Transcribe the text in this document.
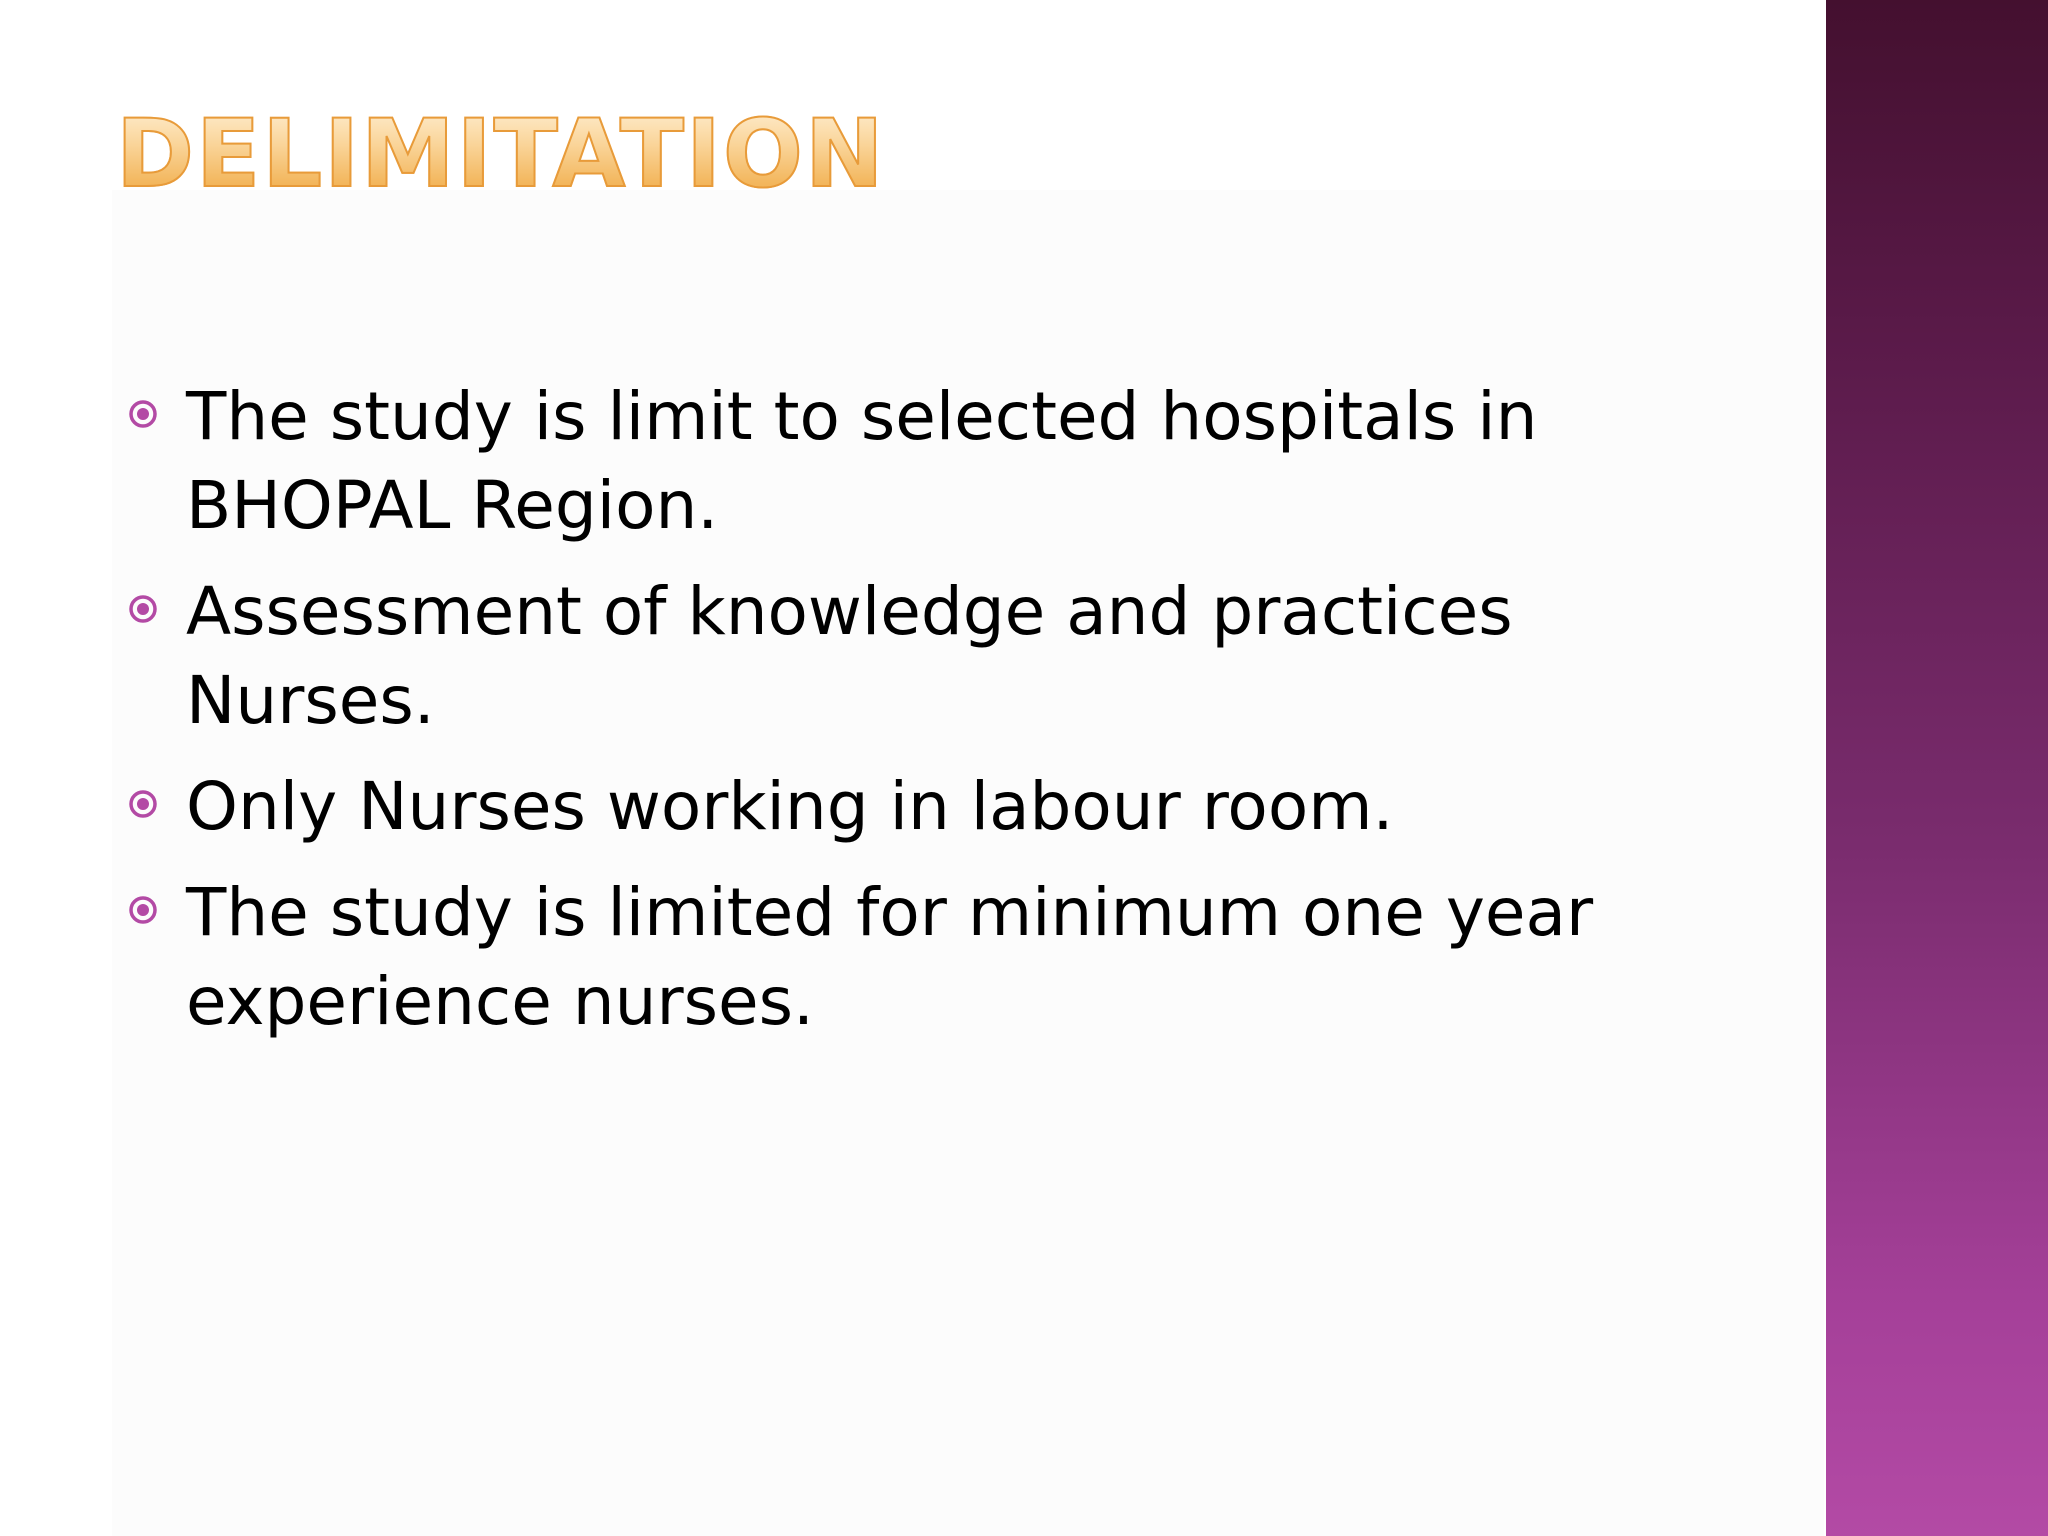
DELIMITATION
The study is limit to selected hospitals in BHOPAL Region.
Assessment of knowledge and practices Nurses.
Only Nurses working in labour room.
The study is limited for minimum one year experience nurses.
